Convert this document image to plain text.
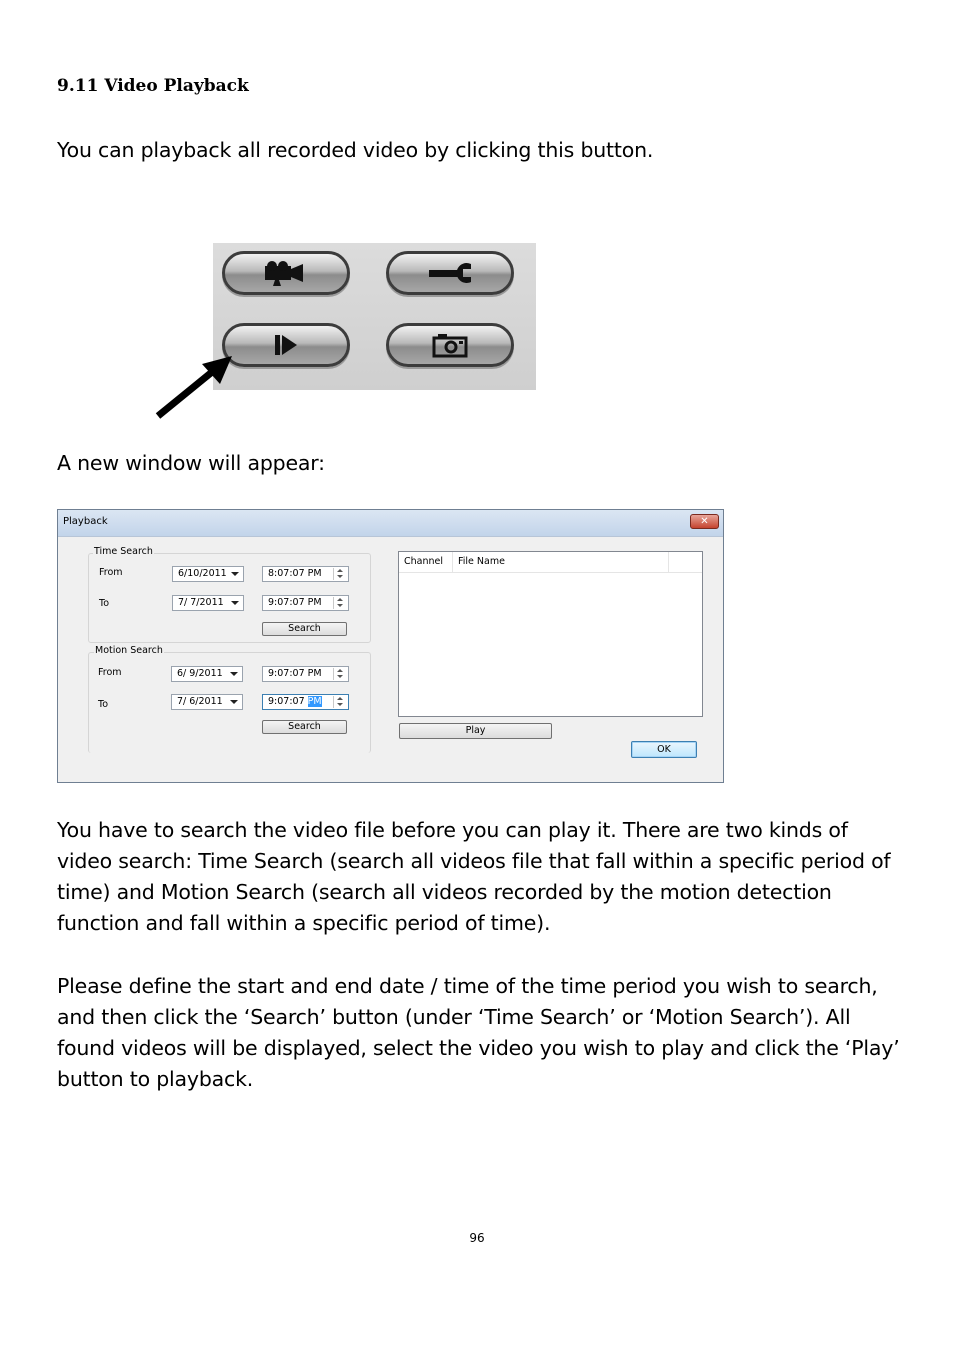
9.11 Video Playback
You can playback all recorded video by clicking this button.
A new window will appear:
Playback	✕
Time Search
From	6/10/2011	8:07:07 PM
To	7/ 7/2011	9:07:07 PM
Search
Motion Search
From	6/ 9/2011	9:07:07 PM
To	7/ 6/2011	9:07:07 PM
Search
Channel	File Name
Play
OK
You have to search the video file before you can play it. There are two kinds of video search: Time Search (search all videos file that fall within a specific period of time) and Motion Search (search all videos recorded by the motion detection function and fall within a specific period of time).
Please define the start and end date / time of the time period you wish to search, and then click the ‘Search’ button (under ‘Time Search’ or ‘Motion Search’). All found videos will be displayed, select the video you wish to play and click the ‘Play’ button to playback.
96
